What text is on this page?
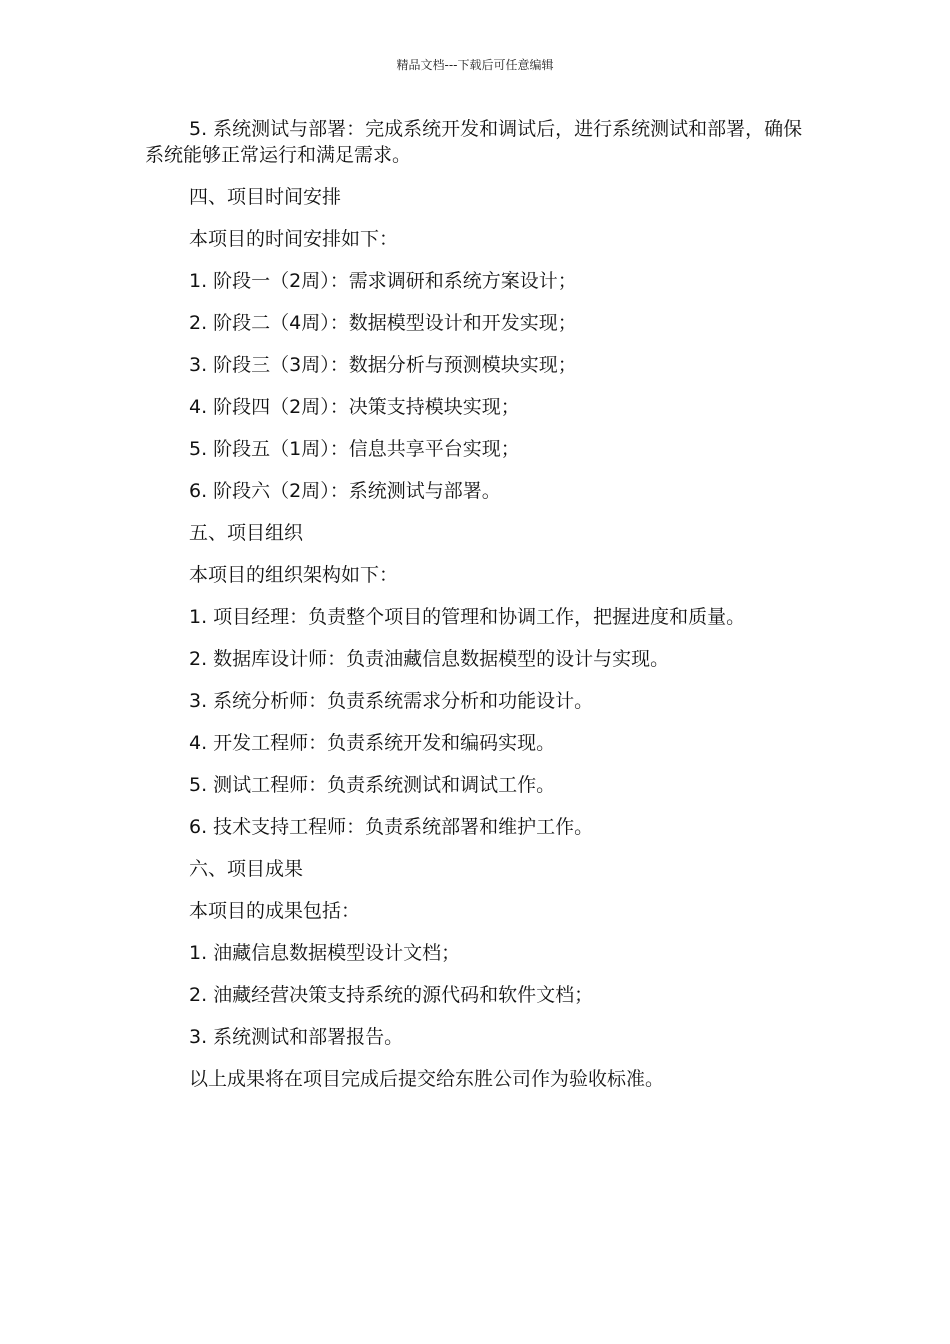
精品文档---下载后可任意编辑

5. 系统测试与部署：完成系统开发和调试后，进行系统测试和部署，确保系统能够正常运行和满足需求。

四、项目时间安排

本项目的时间安排如下：

1. 阶段一（2周）：需求调研和系统方案设计；

2. 阶段二（4周）：数据模型设计和开发实现；

3. 阶段三（3周）：数据分析与预测模块实现；

4. 阶段四（2周）：决策支持模块实现；

5. 阶段五（1周）：信息共享平台实现；

6. 阶段六（2周）：系统测试与部署。

五、项目组织

本项目的组织架构如下：

1. 项目经理：负责整个项目的管理和协调工作，把握进度和质量。

2. 数据库设计师：负责油藏信息数据模型的设计与实现。

3. 系统分析师：负责系统需求分析和功能设计。

4. 开发工程师：负责系统开发和编码实现。

5. 测试工程师：负责系统测试和调试工作。

6. 技术支持工程师：负责系统部署和维护工作。

六、项目成果

本项目的成果包括：

1. 油藏信息数据模型设计文档；

2. 油藏经营决策支持系统的源代码和软件文档；

3. 系统测试和部署报告。

以上成果将在项目完成后提交给东胜公司作为验收标准。
